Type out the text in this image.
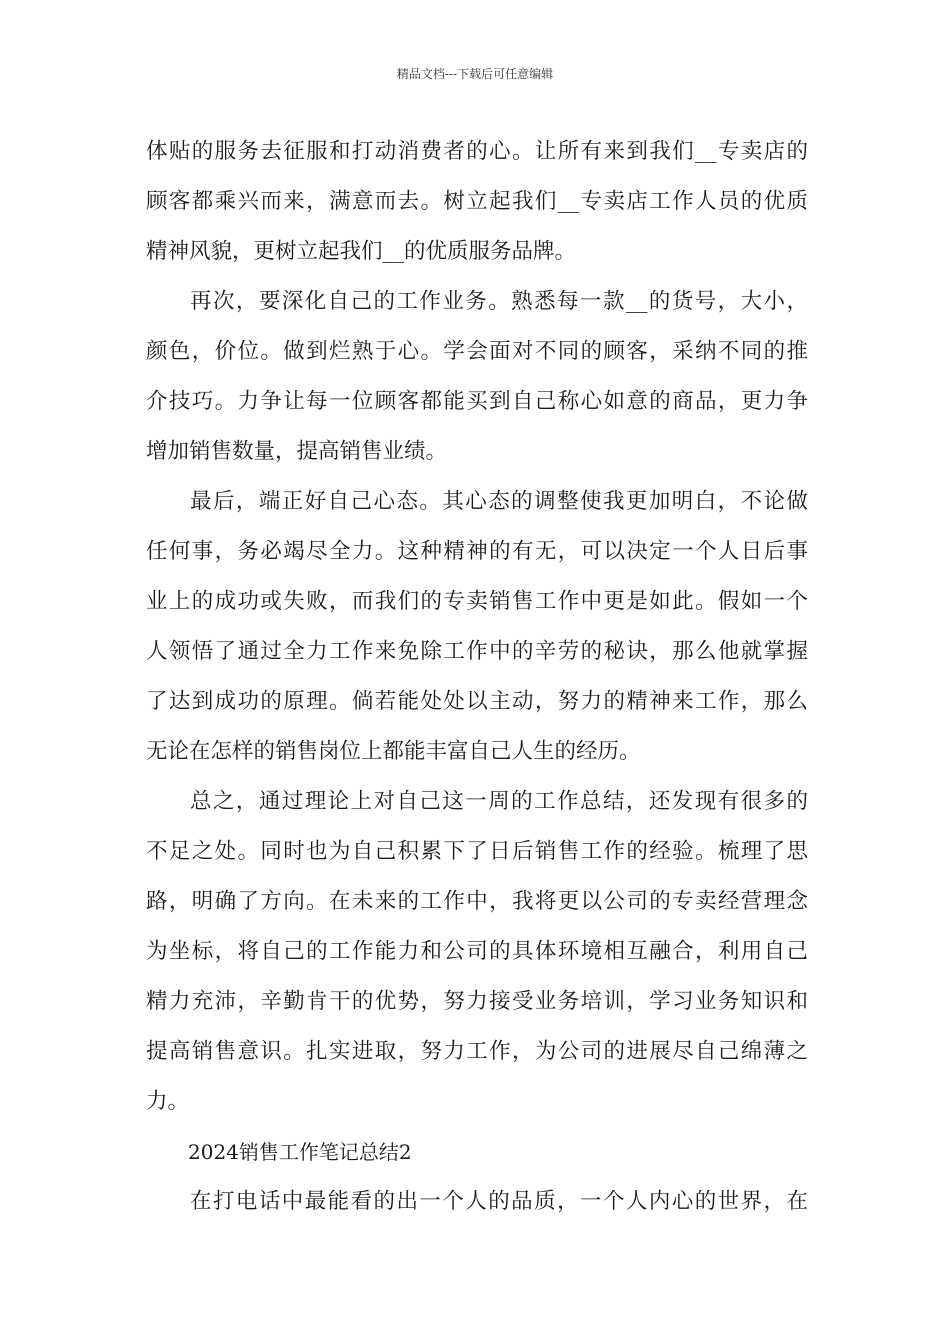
精品文档---下载后可任意编辑
体贴的服务去征服和打动消费者的心。让所有来到我们__专卖店的
顾客都乘兴而来，满意而去。树立起我们__专卖店工作人员的优质
精神风貌，更树立起我们__的优质服务品牌。
再次，要深化自己的工作业务。熟悉每一款__的货号，大小，
颜色，价位。做到烂熟于心。学会面对不同的顾客，采纳不同的推
介技巧。力争让每一位顾客都能买到自己称心如意的商品，更力争
增加销售数量，提高销售业绩。
最后，端正好自己心态。其心态的调整使我更加明白，不论做
任何事，务必竭尽全力。这种精神的有无，可以决定一个人日后事
业上的成功或失败，而我们的专卖销售工作中更是如此。假如一个
人领悟了通过全力工作来免除工作中的辛劳的秘诀，那么他就掌握
了达到成功的原理。倘若能处处以主动，努力的精神来工作，那么
无论在怎样的销售岗位上都能丰富自己人生的经历。
总之，通过理论上对自己这一周的工作总结，还发现有很多的
不足之处。同时也为自己积累下了日后销售工作的经验。梳理了思
路，明确了方向。在未来的工作中，我将更以公司的专卖经营理念
为坐标，将自己的工作能力和公司的具体环境相互融合，利用自己
精力充沛，辛勤肯干的优势，努力接受业务培训，学习业务知识和
提高销售意识。扎实进取，努力工作，为公司的进展尽自己绵薄之
力。
2024销售工作笔记总结2
在打电话中最能看的出一个人的品质，一个人内心的世界，在
